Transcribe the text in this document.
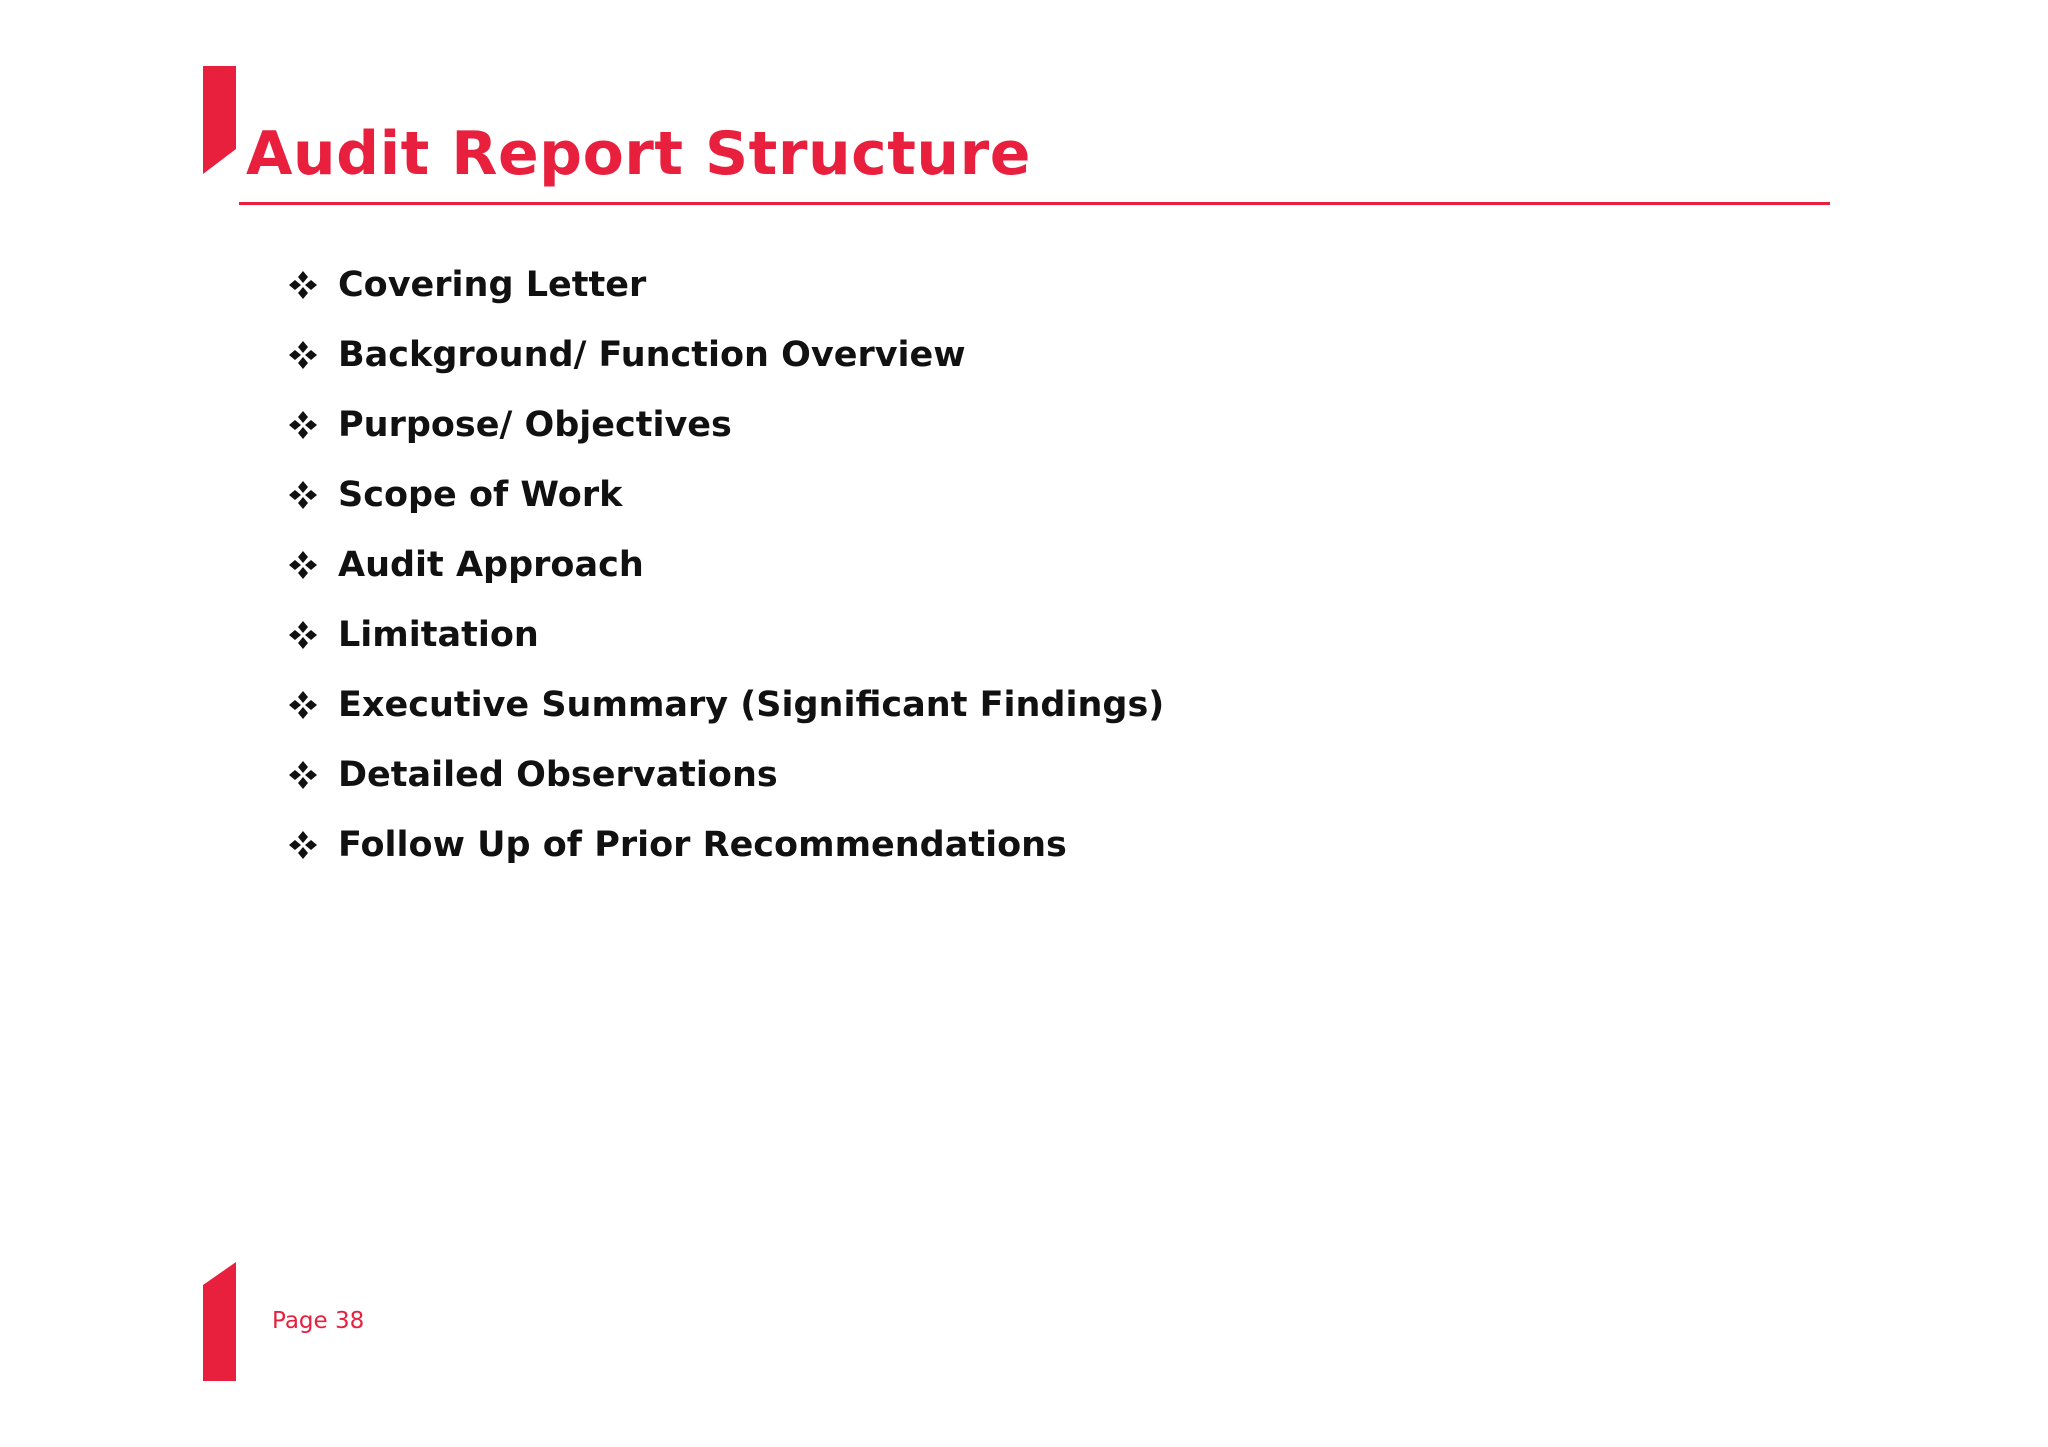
Audit Report Structure
Covering Letter
Background/ Function Overview
Purpose/ Objectives
Scope of Work
Audit Approach
Limitation
Executive Summary (Significant Findings)
Detailed Observations
Follow Up of Prior Recommendations
Page 38
